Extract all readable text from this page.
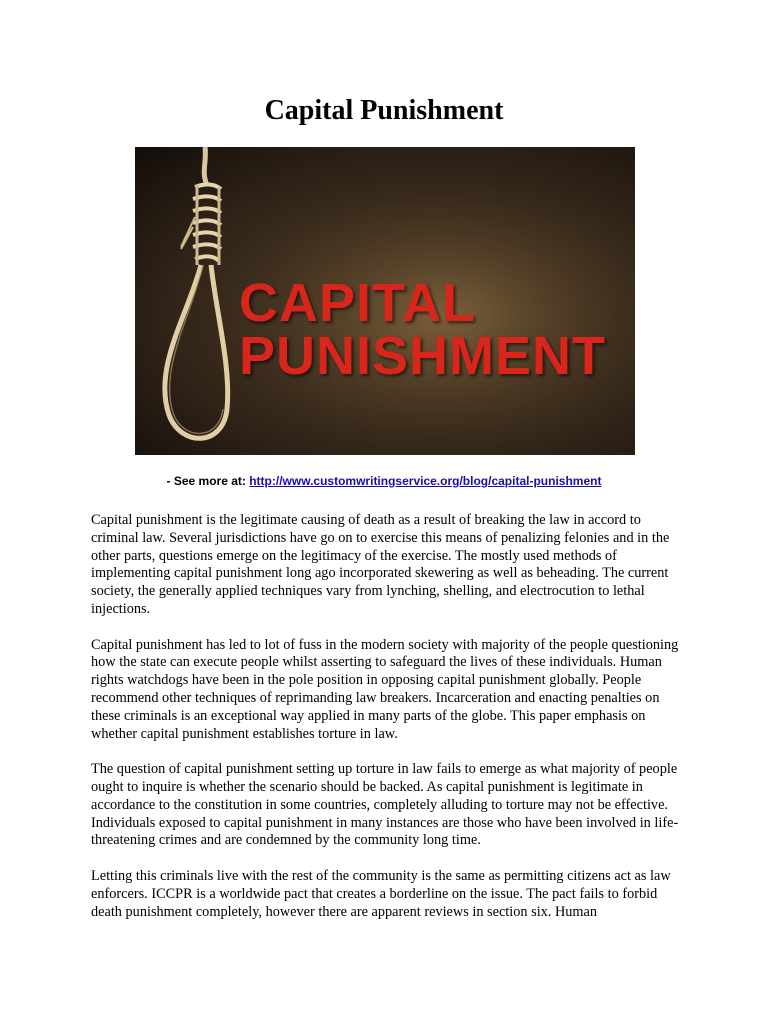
Capital Punishment
CAPITAL
PUNISHMENT
- See more at: http://www.customwritingservice.org/blog/capital-punishment

Capital punishment is the legitimate causing of death as a result of breaking the law in accord to criminal law. Several jurisdictions have go on to exercise this means of penalizing felonies and in the other parts, questions emerge on the legitimacy of the exercise. The mostly used methods of implementing capital punishment long ago incorporated skewering as well as beheading. The current society, the generally applied techniques vary from lynching, shelling, and electrocution to lethal injections.

Capital punishment has led to lot of fuss in the modern society with majority of the people questioning how the state can execute people whilst asserting to safeguard the lives of these individuals. Human rights watchdogs have been in the pole position in opposing capital punishment globally. People recommend other techniques of reprimanding law breakers. Incarceration and enacting penalties on these criminals is an exceptional way applied in many parts of the globe. This paper emphasis on whether capital punishment establishes torture in law.

The question of capital punishment setting up torture in law fails to emerge as what majority of people ought to inquire is whether the scenario should be backed. As capital punishment is legitimate in accordance to the constitution in some countries, completely alluding to torture may not be effective. Individuals exposed to capital punishment in many instances are those who have been involved in life-threatening crimes and are condemned by the community long time.

Letting this criminals live with the rest of the community is the same as permitting citizens act as law enforcers. ICCPR is a worldwide pact that creates a borderline on the issue. The pact fails to forbid death punishment completely, however there are apparent reviews in section six. Human
